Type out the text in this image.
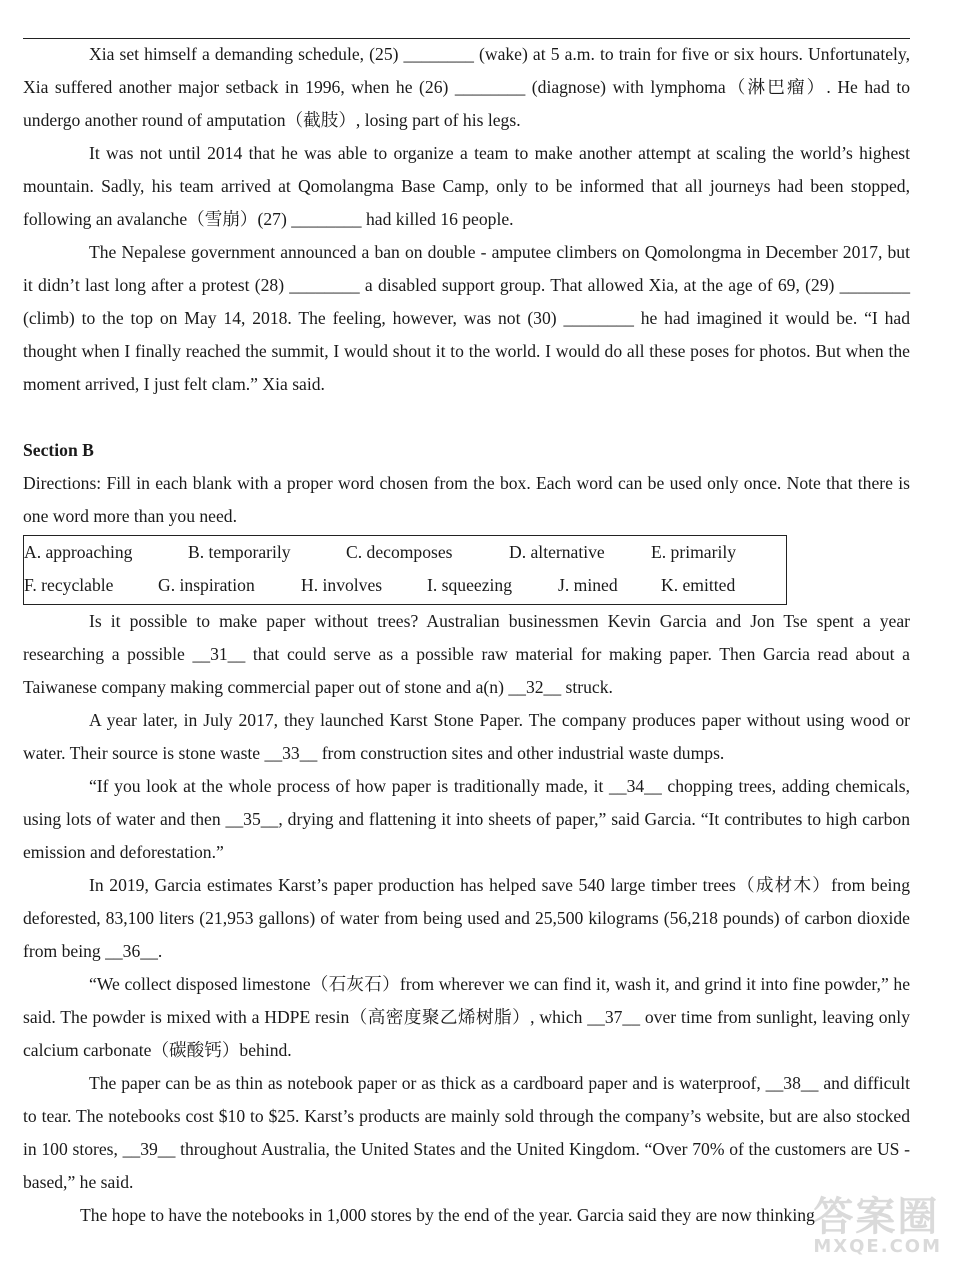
Xia set himself a demanding schedule, (25) ________ (wake) at 5 a.m. to train for five or six hours. Unfortunately, Xia suffered another major setback in 1996, when he (26) ________ (diagnose) with lymphoma（淋巴瘤）. He had to undergo another round of amputation（截肢）, losing part of his legs.

It was not until 2014 that he was able to organize a team to make another attempt at scaling the world’s highest mountain. Sadly, his team arrived at Qomolangma Base Camp, only to be informed that all journeys had been stopped, following an avalanche（雪崩）(27) ________ had killed 16 people.

The Nepalese government announced a ban on double - amputee climbers on Qomolongma in December 2017, but it didn’t last long after a protest (28) ________ a disabled support group. That allowed Xia, at the age of 69, (29) ________ (climb) to the top on May 14, 2018. The feeling, however, was not (30) ________ he had imagined it would be. “I had thought when I finally reached the summit, I would shout it to the world. I would do all these poses for photos. But when the moment arrived, I just felt clam.” Xia said.

Section B

Directions: Fill in each blank with a proper word chosen from the box. Each word can be used only once. Note that there is one word more than you need.

A. approaching	B. temporarily	C. decomposes	D. alternative	E. primarily
F. recyclable	G. inspiration	H. involves	I. squeezing	J. mined	K. emitted

Is it possible to make paper without trees? Australian businessmen Kevin Garcia and Jon Tse spent a year researching a possible __31__ that could serve as a possible raw material for making paper. Then Garcia read about a Taiwanese company making commercial paper out of stone and a(n) __32__ struck.

A year later, in July 2017, they launched Karst Stone Paper. The company produces paper without using wood or water. Their source is stone waste __33__ from construction sites and other industrial waste dumps.

“If you look at the whole process of how paper is traditionally made, it __34__ chopping trees, adding chemicals, using lots of water and then __35__, drying and flattening it into sheets of paper,” said Garcia. “It contributes to high carbon emission and deforestation.”

In 2019, Garcia estimates Karst’s paper production has helped save 540 large timber trees（成材木）from being deforested, 83,100 liters (21,953 gallons) of water from being used and 25,500 kilograms (56,218 pounds) of carbon dioxide from being __36__.

“We collect disposed limestone（石灰石）from wherever we can find it, wash it, and grind it into fine powder,” he said. The powder is mixed with a HDPE resin（高密度聚乙烯树脂）, which __37__ over time from sunlight, leaving only calcium carbonate（碳酸钙）behind.

The paper can be as thin as notebook paper or as thick as a cardboard paper and is waterproof, __38__ and difficult to tear. The notebooks cost $10 to $25. Karst’s products are mainly sold through the company’s website, but are also stocked in 100 stores, __39__ throughout Australia, the United States and the United Kingdom. “Over 70% of the customers are US - based,” he said.

The hope to have the notebooks in 1,000 stores by the end of the year. Garcia said they are now thinking

答案圈
MXQE.COM
